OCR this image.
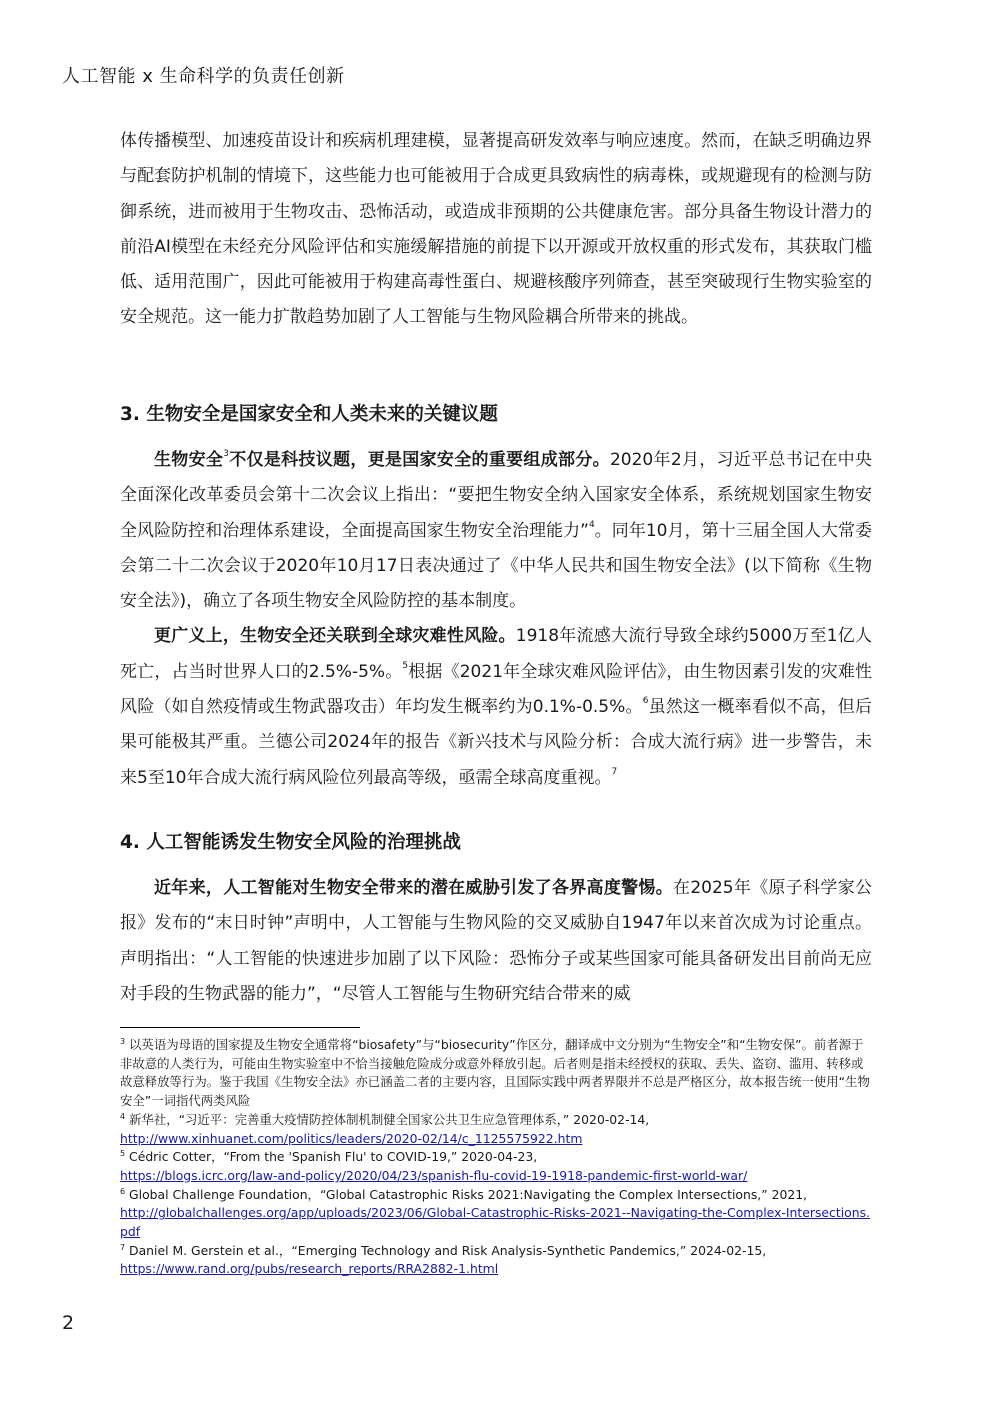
人工智能 x 生命科学的负责任创新

体传播模型、加速疫苗设计和疾病机理建模，显著提高研发效率与响应速度。然而，在缺乏明确边界与配套防护机制的情境下，这些能力也可能被用于合成更具致病性的病毒株，或规避现有的检测与防御系统，进而被用于生物攻击、恐怖活动，或造成非预期的公共健康危害。部分具备生物设计潜力的前沿AI模型在未经充分风险评估和实施缓解措施的前提下以开源或开放权重的形式发布，其获取门槛低、适用范围广，因此可能被用于构建高毒性蛋白、规避核酸序列筛查，甚至突破现行生物实验室的安全规范。这一能力扩散趋势加剧了人工智能与生物风险耦合所带来的挑战。

3. 生物安全是国家安全和人类未来的关键议题

生物安全$^3$不仅是科技议题，更是国家安全的重要组成部分。2020年2月，习近平总书记在中央全面深化改革委员会第十二次会议上指出：“要把生物安全纳入国家安全体系，系统规划国家生物安全风险防控和治理体系建设，全面提高国家生物安全治理能力”$^4$。同年10月，第十三届全国人大常委会第二十二次会议于2020年10月17日表决通过了《中华人民共和国生物安全法》(以下简称《生物安全法》)，确立了各项生物安全风险防控的基本制度。

更广义上，生物安全还关联到全球灾难性风险。1918年流感大流行导致全球约5000万至1亿人死亡，占当时世界人口的2.5%-5%。$^5$根据《2021年全球灾难风险评估》，由生物因素引发的灾难性风险（如自然疫情或生物武器攻击）年均发生概率约为0.1%-0.5%。$^6$虽然这一概率看似不高，但后果可能极其严重。兰德公司2024年的报告《新兴技术与风险分析：合成大流行病》进一步警告，未来5至10年合成大流行病风险位列最高等级，亟需全球高度重视。$^7$

4. 人工智能诱发生物安全风险的治理挑战

近年来，人工智能对生物安全带来的潜在威胁引发了各界高度警惕。在2025年《原子科学家公报》发布的“末日时钟”声明中，人工智能与生物风险的交叉威胁自1947年以来首次成为讨论重点。声明指出：“人工智能的快速进步加剧了以下风险：恐怖分子或某些国家可能具备研发出目前尚无应对手段的生物武器的能力”，“尽管人工智能与生物研究结合带来的威

$^3$ 以英语为母语的国家提及生物安全通常将“biosafety”与“biosecurity”作区分，翻译成中文分别为“生物安全”和“生物安保”。前者源于非故意的人类行为，可能由生物实验室中不恰当接触危险成分或意外释放引起。后者则是指未经授权的获取、丢失、盗窃、滥用、转移或故意释放等行为。鉴于我国《生物安全法》亦已涵盖二者的主要内容，且国际实践中两者界限并不总是严格区分，故本报告统一使用“生物安全”一词指代两类风险
$^4$ 新华社，“习近平：完善重大疫情防控体制机制健全国家公共卫生应急管理体系，” 2020-02-14,
http://www.xinhuanet.com/politics/leaders/2020-02/14/c_1125575922.htm
$^5$ Cédric Cotter，“From the 'Spanish Flu' to COVID-19,” 2020-04-23,
https://blogs.icrc.org/law-and-policy/2020/04/23/spanish-flu-covid-19-1918-pandemic-first-world-war/
$^6$ Global Challenge Foundation，“Global Catastrophic Risks 2021:Navigating the Complex Intersections,” 2021,
http://globalchallenges.org/app/uploads/2023/06/Global-Catastrophic-Risks-2021--Navigating-the-Complex-Intersections.pdf
$^7$ Daniel M. Gerstein et al.，“Emerging Technology and Risk Analysis-Synthetic Pandemics,” 2024-02-15,
https://www.rand.org/pubs/research_reports/RRA2882-1.html
2
